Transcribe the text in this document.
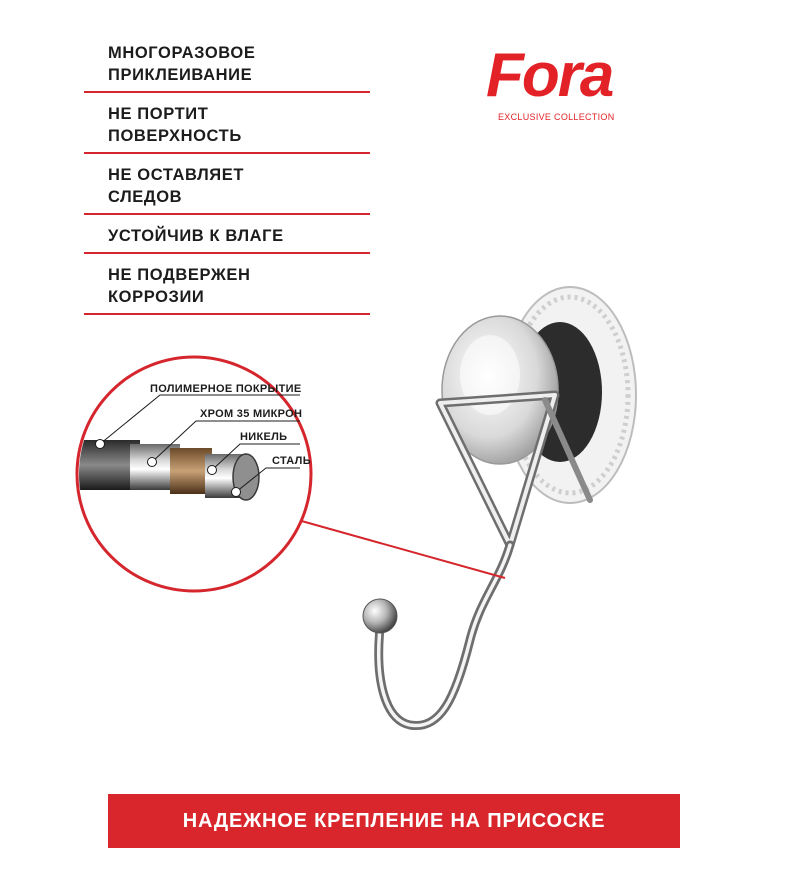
МНОГОРАЗОВОЕ
ПРИКЛЕИВАНИЕ
НЕ ПОРТИТ
ПОВЕРХНОСТЬ
НЕ ОСТАВЛЯЕТ
СЛЕДОВ
УСТОЙЧИВ К ВЛАГЕ
НЕ ПОДВЕРЖЕН
КОРРОЗИИ
Fora
EXCLUSIVE COLLECTION
ПОЛИМЕРНОЕ ПОКРЫТИЕ
ХРОМ 35 МИКРОН
НИКЕЛЬ
СТАЛЬ
НАДЕЖНОЕ КРЕПЛЕНИЕ НА ПРИСОСКЕ
